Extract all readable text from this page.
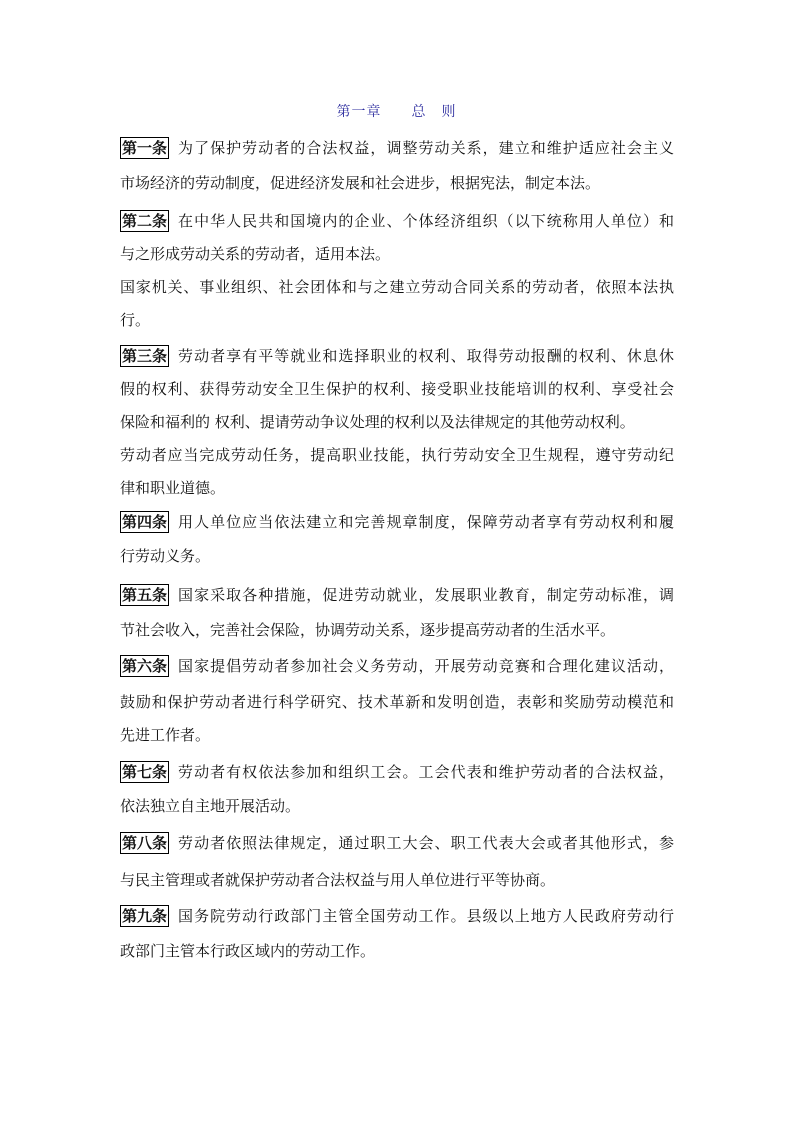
第一章　　总　则
第一条 为了保护劳动者的合法权益，调整劳动关系，建立和维护适应社会主义
市场经济的劳动制度，促进经济发展和社会进步，根据宪法，制定本法。
第二条 在中华人民共和国境内的企业、个体经济组织（以下统称用人单位）和
与之形成劳动关系的劳动者，适用本法。
国家机关、事业组织、社会团体和与之建立劳动合同关系的劳动者，依照本法执
行。
第三条 劳动者享有平等就业和选择职业的权利、取得劳动报酬的权利、休息休
假的权利、获得劳动安全卫生保护的权利、接受职业技能培训的权利、享受社会
保险和福利的 权利、提请劳动争议处理的权利以及法律规定的其他劳动权利。
劳动者应当完成劳动任务，提高职业技能，执行劳动安全卫生规程，遵守劳动纪
律和职业道德。
第四条 用人单位应当依法建立和完善规章制度，保障劳动者享有劳动权利和履
行劳动义务。
第五条 国家采取各种措施，促进劳动就业，发展职业教育，制定劳动标准，调
节社会收入，完善社会保险，协调劳动关系，逐步提高劳动者的生活水平。
第六条 国家提倡劳动者参加社会义务劳动，开展劳动竞赛和合理化建议活动，
鼓励和保护劳动者进行科学研究、技术革新和发明创造，表彰和奖励劳动模范和
先进工作者。
第七条 劳动者有权依法参加和组织工会。工会代表和维护劳动者的合法权益，
依法独立自主地开展活动。
第八条 劳动者依照法律规定，通过职工大会、职工代表大会或者其他形式，参
与民主管理或者就保护劳动者合法权益与用人单位进行平等协商。
第九条 国务院劳动行政部门主管全国劳动工作。县级以上地方人民政府劳动行
政部门主管本行政区域内的劳动工作。
